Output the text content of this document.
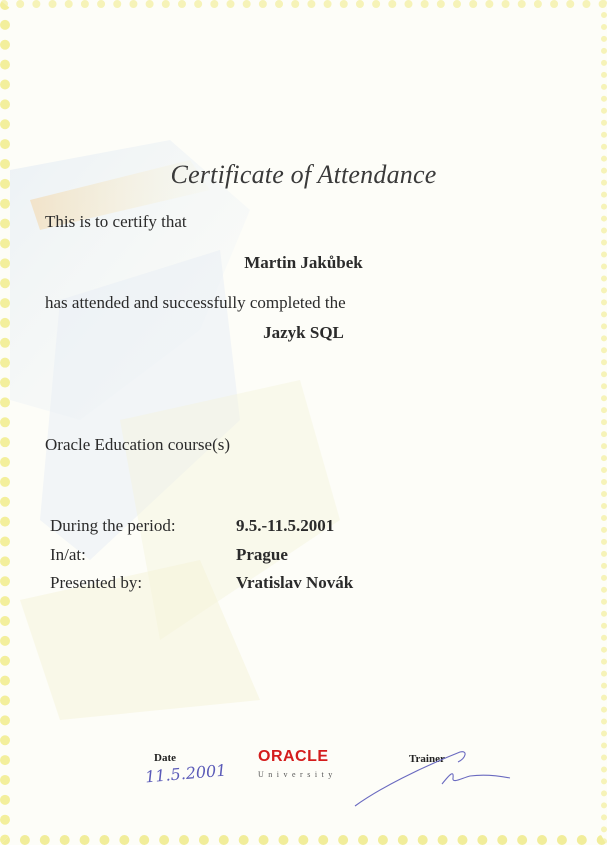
Certificate of Attendance
This is to certify that
Martin Jakůbek
has attended and successfully completed the
Jazyk SQL
Oracle Education course(s)
During the period:	9.5.-11.5.2001
In/at:	Prague
Presented by:	Vratislav Novák
Date
11.5.2001
ORACLE
University
Trainer
